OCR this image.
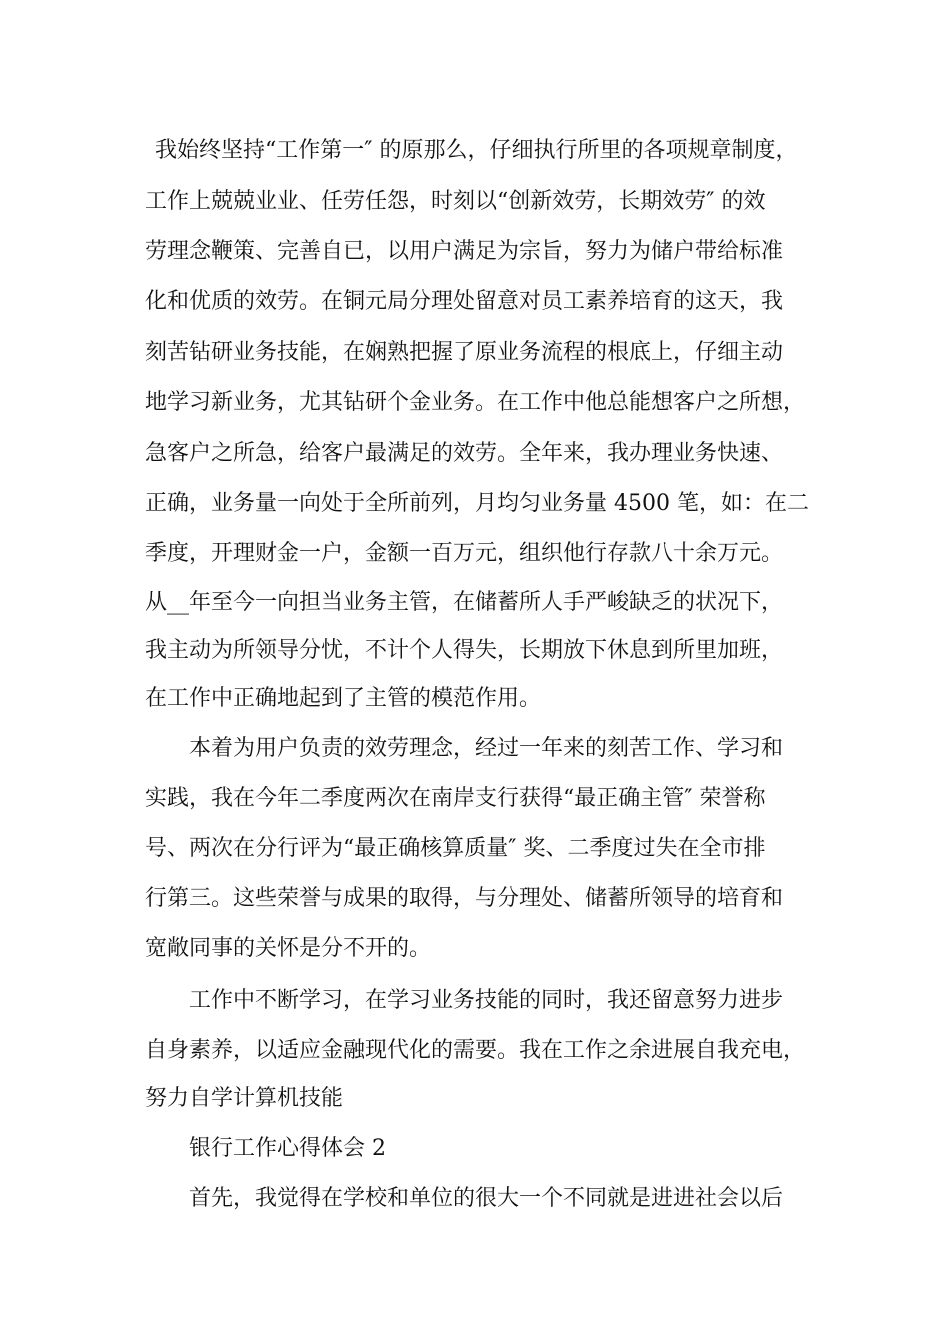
我始终坚持“工作第一″ 的原那么，仔细执行所里的各项规章制度，
工作上兢兢业业、任劳任怨，时刻以“创新效劳，长期效劳″ 的效
劳理念鞭策、完善自已，以用户满足为宗旨，努力为储户带给标准
化和优质的效劳。在铜元局分理处留意对员工素养培育的这天，我
刻苦钻研业务技能，在娴熟把握了原业务流程的根底上，仔细主动
地学习新业务，尤其钻研个金业务。在工作中他总能想客户之所想，
急客户之所急，给客户最满足的效劳。全年来，我办理业务快速、
正确，业务量一向处于全所前列，月均匀业务量 4500 笔，如：在二
季度，开理财金一户，金额一百万元，组织他行存款八十余万元。
从__年至今一向担当业务主管，在储蓄所人手严峻缺乏的状况下，
我主动为所领导分忧，不计个人得失，长期放下休息到所里加班，
在工作中正确地起到了主管的模范作用。
本着为用户负责的效劳理念，经过一年来的刻苦工作、学习和
实践，我在今年二季度两次在南岸支行获得“最正确主管″ 荣誉称
号、两次在分行评为“最正确核算质量″ 奖、二季度过失在全市排
行第三。这些荣誉与成果的取得，与分理处、储蓄所领导的培育和
宽敞同事的关怀是分不开的。
工作中不断学习，在学习业务技能的同时，我还留意努力进步
自身素养，以适应金融现代化的需要。我在工作之余进展自我充电，
努力自学计算机技能
银行工作心得体会 2
首先，我觉得在学校和单位的很大一个不同就是进进社会以后
